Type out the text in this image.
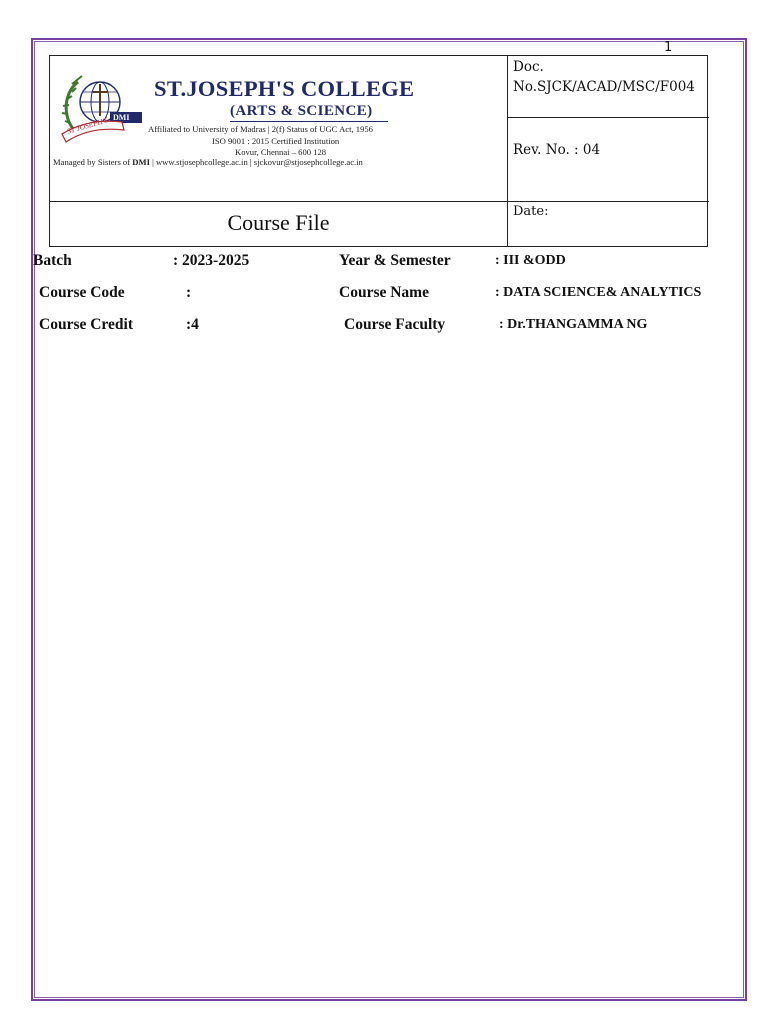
1
DMI
ST JOSEPH'S
ST.JOSEPH'S COLLEGE
(ARTS & SCIENCE)
Affiliated to University of Madras | 2(f) Status of UGC Act, 1956
ISO 9001 : 2015 Certified Institution
Kovur, Chennai – 600 128
Managed by Sisters of DMI | www.stjosephcollege.ac.in | sjckovur@stjosephcollege.ac.in
Doc. No.SJCK/ACAD/MSC/F004
Rev. No. : 04
Date:
Course File
Batch	: 2023-2025	Year & Semester	: III &ODD
Course Code	:	Course Name	: DATA SCIENCE& ANALYTICS
Course Credit	:4	Course Faculty	: Dr.THANGAMMA NG
